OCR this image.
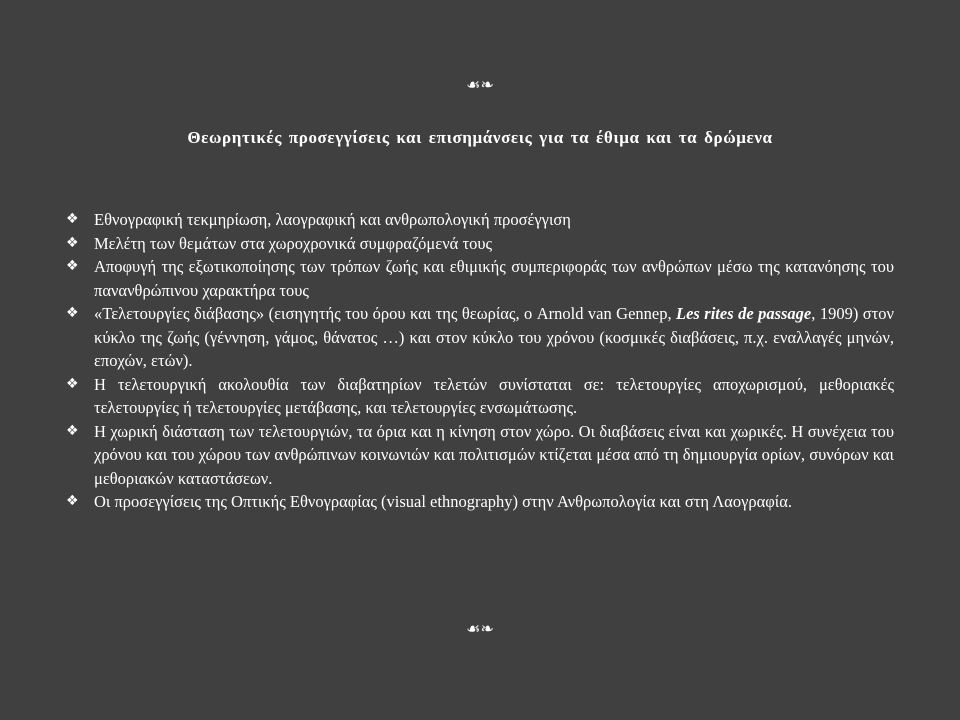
☙❧
Θεωρητικές προσεγγίσεις και επισημάνσεις για τα έθιμα και τα δρώμενα
❖ Εθνογραφική τεκμηρίωση, λαογραφική και ανθρωπολογική προσέγγιση
❖ Μελέτη των θεμάτων στα χωροχρονικά συμφραζόμενά τους
❖ Αποφυγή της εξωτικοποίησης των τρόπων ζωής και εθιμικής συμπεριφοράς των ανθρώπων μέσω της κατανόησης του πανανθρώπινου χαρακτήρα τους
❖ «Τελετουργίες διάβασης» (εισηγητής του όρου και της θεωρίας, ο Arnold van Gennep, Les rites de passage, 1909) στον κύκλο της ζωής (γέννηση, γάμος, θάνατος …) και στον κύκλο του χρόνου (κοσμικές διαβάσεις, π.χ. εναλλαγές μηνών, εποχών, ετών).
❖ Η τελετουργική ακολουθία των διαβατηρίων τελετών συνίσταται σε: τελετουργίες αποχωρισμού, μεθοριακές τελετουργίες ή τελετουργίες μετάβασης, και τελετουργίες ενσωμάτωσης.
❖ Η χωρική διάσταση των τελετουργιών, τα όρια και η κίνηση στον χώρο. Οι διαβάσεις είναι και χωρικές. Η συνέχεια του χρόνου και του χώρου των ανθρώπινων κοινωνιών και πολιτισμών κτίζεται μέσα από τη δημιουργία ορίων, συνόρων και μεθοριακών καταστάσεων.
❖ Οι προσεγγίσεις της Οπτικής Εθνογραφίας (visual ethnography) στην Ανθρωπολογία και στη Λαογραφία.
☙❧
